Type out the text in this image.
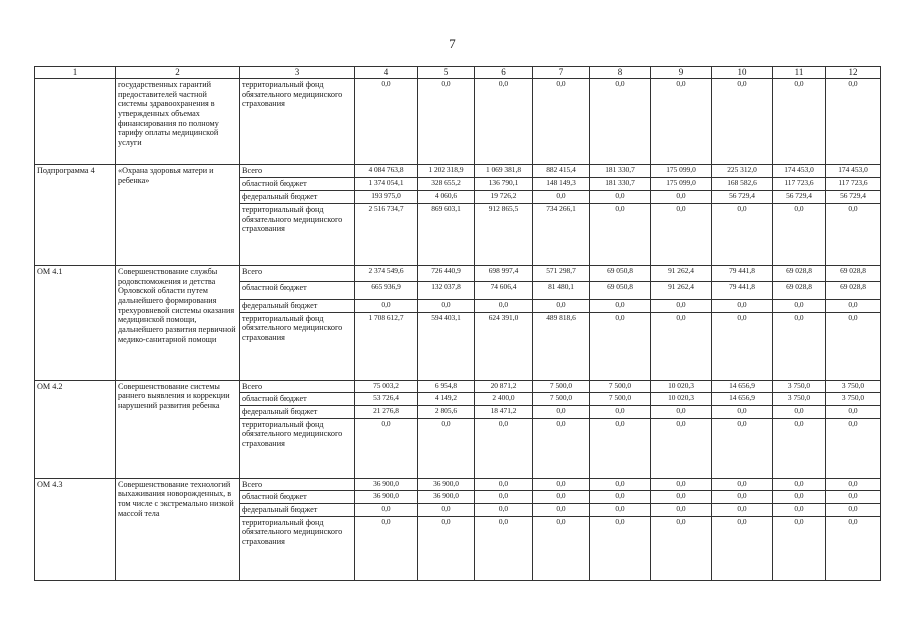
7
1	2	3	4	5	6	7	8	9	10	11	12
	государственных гарантий предоставителей частной системы здравоохранения в утвержденных объемах финансирования по полному тарифу оплаты медицинской услуги	территориальный фонд обязательного медицинского страхования	0,0	0,0	0,0	0,0	0,0	0,0	0,0	0,0	0,0
Подпрограмма 4	«Охрана здоровья матери и ребенка»	Всего	4 084 763,8	1 202 318,9	1 069 381,8	882 415,4	181 330,7	175 099,0	225 312,0	174 453,0	174 453,0
		областной бюджет	1 374 054,1	328 655,2	136 790,1	148 149,3	181 330,7	175 099,0	168 582,6	117 723,6	117 723,6
		федеральный бюджет	193 975,0	4 060,6	19 726,2	0,0	0,0	0,0	56 729,4	56 729,4	56 729,4
		территориальный фонд обязательного медицинского страхования	2 516 734,7	869 603,1	912 865,5	734 266,1	0,0	0,0	0,0	0,0	0,0
ОМ 4.1	Совершенствование службы родовспоможения и детства Орловской области путем дальнейшего формирования трехуровневой системы оказания медицинской помощи, дальнейшего развития первичной медико-санитарной помощи	Всего	2 374 549,6	726 440,9	698 997,4	571 298,7	69 050,8	91 262,4	79 441,8	69 028,8	69 028,8
		областной бюджет	665 936,9	132 037,8	74 606,4	81 480,1	69 050,8	91 262,4	79 441,8	69 028,8	69 028,8
		федеральный бюджет	0,0	0,0	0,0	0,0	0,0	0,0	0,0	0,0	0,0
		территориальный фонд обязательного медицинского страхования	1 708 612,7	594 403,1	624 391,0	489 818,6	0,0	0,0	0,0	0,0	0,0
ОМ 4.2	Совершенствование системы раннего выявления и коррекции нарушений развития ребенка	Всего	75 003,2	6 954,8	20 871,2	7 500,0	7 500,0	10 020,3	14 656,9	3 750,0	3 750,0
		областной бюджет	53 726,4	4 149,2	2 400,0	7 500,0	7 500,0	10 020,3	14 656,9	3 750,0	3 750,0
		федеральный бюджет	21 276,8	2 805,6	18 471,2	0,0	0,0	0,0	0,0	0,0	0,0
		территориальный фонд обязательного медицинского страхования	0,0	0,0	0,0	0,0	0,0	0,0	0,0	0,0	0,0
ОМ 4.3	Совершенствование технологий выхаживания новорожденных, в том числе с экстремально низкой массой тела	Всего	36 900,0	36 900,0	0,0	0,0	0,0	0,0	0,0	0,0	0,0
		областной бюджет	36 900,0	36 900,0	0,0	0,0	0,0	0,0	0,0	0,0	0,0
		федеральный бюджет	0,0	0,0	0,0	0,0	0,0	0,0	0,0	0,0	0,0
		территориальный фонд обязательного медицинского страхования	0,0	0,0	0,0	0,0	0,0	0,0	0,0	0,0	0,0
